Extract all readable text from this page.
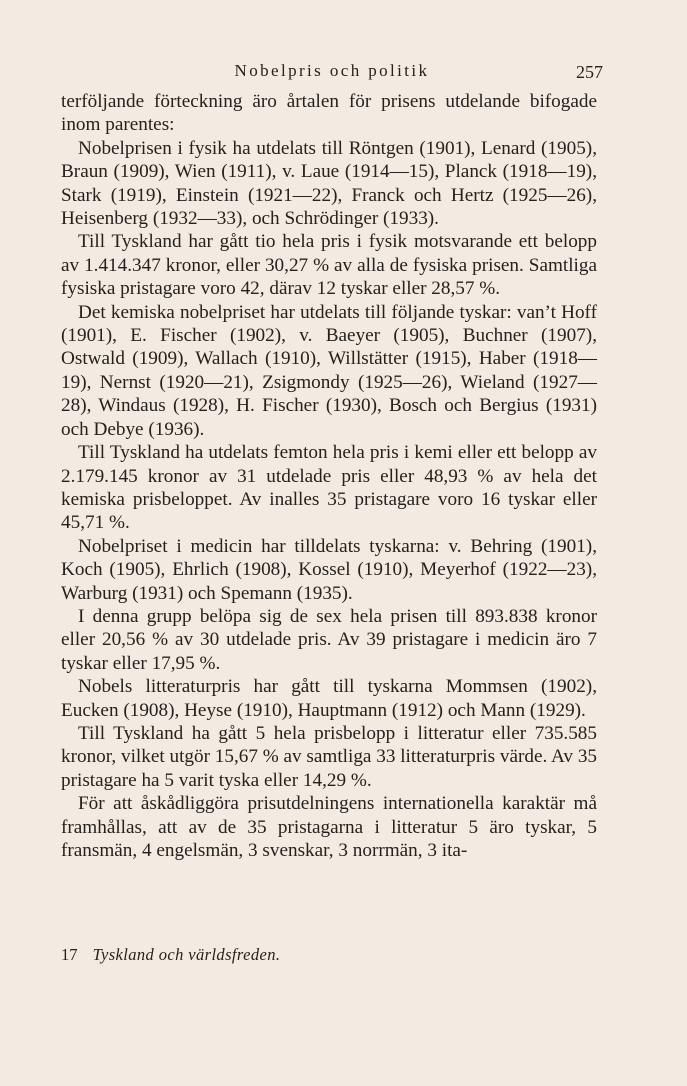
Nobelpris och politik	257

terföljande förteckning äro årtalen för prisens utdelande bifogade inom parentes:

Nobelprisen i fysik ha utdelats till Röntgen (1901), Lenard (1905), Braun (1909), Wien (1911), v. Laue (1914—15), Planck (1918—19), Stark (1919), Einstein (1921—22), Franck och Hertz (1925—26), Heisenberg (1932—33), och Schrödinger (1933).

Till Tyskland har gått tio hela pris i fysik motsvarande ett belopp av 1.414.347 kronor, eller 30,27 % av alla de fysiska prisen. Samtliga fysiska pristagare voro 42, därav 12 tyskar eller 28,57 %.

Det kemiska nobelpriset har utdelats till följande tyskar: van’t Hoff (1901), E. Fischer (1902), v. Baeyer (1905), Buchner (1907), Ostwald (1909), Wallach (1910), Willstätter (1915), Haber (1918—19), Nernst (1920—21), Zsigmondy (1925—26), Wieland (1927—28), Windaus (1928), H. Fischer (1930), Bosch och Bergius (1931) och Debye (1936).

Till Tyskland ha utdelats femton hela pris i kemi eller ett belopp av 2.179.145 kronor av 31 utdelade pris eller 48,93 % av hela det kemiska prisbeloppet. Av inalles 35 pristagare voro 16 tyskar eller 45,71 %.

Nobelpriset i medicin har tilldelats tyskarna: v. Behring (1901), Koch (1905), Ehrlich (1908), Kossel (1910), Meyerhof (1922—23), Warburg (1931) och Spemann (1935).

I denna grupp belöpa sig de sex hela prisen till 893.838 kronor eller 20,56 % av 30 utdelade pris. Av 39 pristagare i medicin äro 7 tyskar eller 17,95 %.

Nobels litteraturpris har gått till tyskarna Mommsen (1902), Eucken (1908), Heyse (1910), Hauptmann (1912) och Mann (1929).

Till Tyskland ha gått 5 hela prisbelopp i litteratur eller 735.585 kronor, vilket utgör 15,67 % av samtliga 33 litteraturpris värde. Av 35 pristagare ha 5 varit tyska eller 14,29 %.

För att åskådliggöra prisutdelningens internationella karaktär må framhållas, att av de 35 pristagarna i litteratur 5 äro tyskar, 5 fransmän, 4 engelsmän, 3 svenskar, 3 norrmän, 3 ita-

17 Tyskland och världsfreden.
